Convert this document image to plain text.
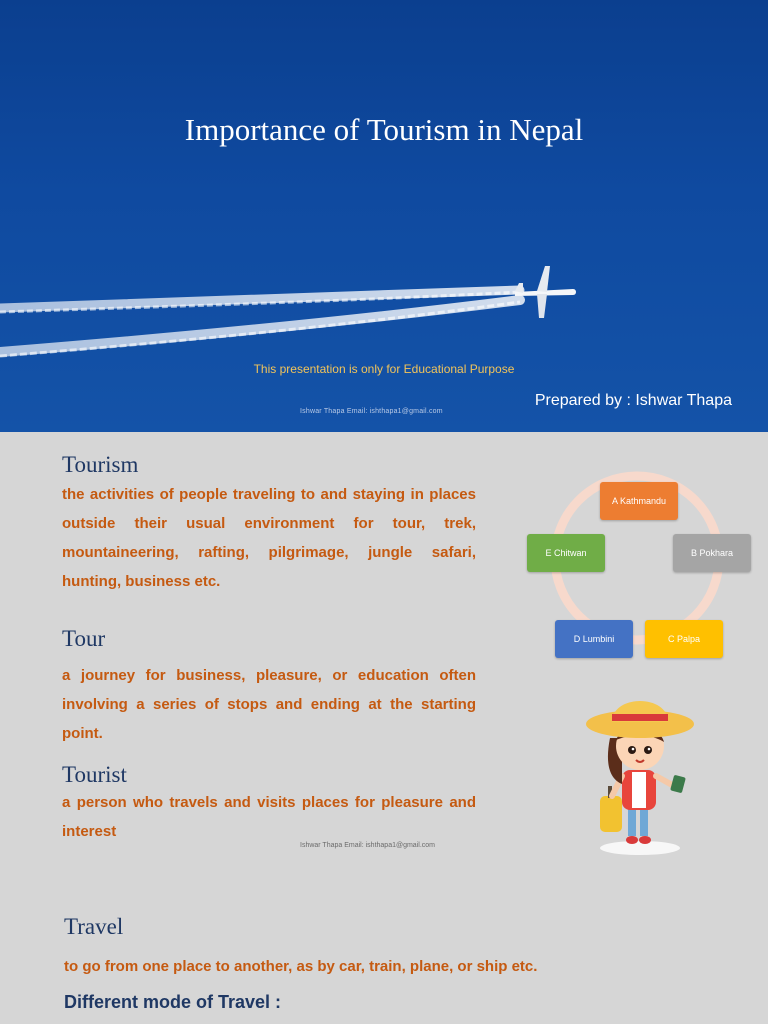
Importance of Tourism in Nepal
This presentation is only for Educational Purpose
Prepared by : Ishwar Thapa
Ishwar Thapa Email: ishthapa1@gmail.com
Tourism
the activities of people traveling to and staying in places outside their usual environment for tour, trek, mountaineering, rafting, pilgrimage, jungle safari, hunting, business etc.
Tour
a journey for business, pleasure, or education often involving a series of stops and ending at the starting point.
Tourist
a person who travels and visits places for pleasure and interest
Ishwar Thapa Email: ishthapa1@gmail.com
Travel
to go from one place to another, as by car, train, plane, or ship etc.
A Kathmandu
B Pokhara
C Palpa
D Lumbini
E Chitwan
Different mode of Travel :
